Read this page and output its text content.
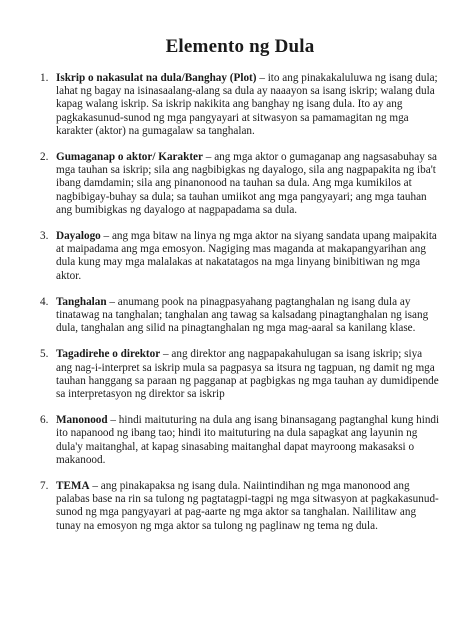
Elemento ng Dula
1. Iskrip o nakasulat na dula/Banghay (Plot) – ito ang pinakakaluluwa ng isang dula; lahat ng bagay na isinasaalang-alang sa dula ay naaayon sa isang iskrip; walang dula kapag walang iskrip. Sa iskrip nakikita ang banghay ng isang dula. Ito ay ang pagkakasunud-sunod ng mga pangyayari at sitwasyon sa pamamagitan ng mga karakter (aktor) na gumagalaw sa tanghalan.
2. Gumaganap o aktor/ Karakter – ang mga aktor o gumaganap ang nagsasabuhay sa mga tauhan sa iskrip; sila ang nagbibigkas ng dayalogo, sila ang nagpapakita ng iba't ibang damdamin; sila ang pinanonood na tauhan sa dula. Ang mga kumikilos at nagbibigay-buhay sa dula; sa tauhan umiikot ang mga pangyayari; ang mga tauhan ang bumibigkas ng dayalogo at nagpapadama sa dula.
3. Dayalogo – ang mga bitaw na linya ng mga aktor na siyang sandata upang maipakita at maipadama ang mga emosyon. Nagiging mas maganda at makapangyarihan ang dula kung may mga malalakas at nakatatagos na mga linyang binibitiwan ng mga aktor.
4. Tanghalan – anumang pook na pinagpasyahang pagtanghalan ng isang dula ay tinatawag na tanghalan; tanghalan ang tawag sa kalsadang pinagtanghalan ng isang dula, tanghalan ang silid na pinagtanghalan ng mga mag-aaral sa kanilang klase.
5. Tagadirehe o direktor – ang direktor ang nagpapakahulugan sa isang iskrip; siya ang nag-i-interpret sa iskrip mula sa pagpasya sa itsura ng tagpuan, ng damit ng mga tauhan hanggang sa paraan ng pagganap at pagbigkas ng mga tauhan ay dumidipende sa interpretasyon ng direktor sa iskrip
6. Manonood – hindi maituturing na dula ang isang binansagang pagtanghal kung hindi ito napanood ng ibang tao; hindi ito maituturing na dula sapagkat ang layunin ng dula'y maitanghal, at kapag sinasabing maitanghal dapat mayroong makasaksi o makanood.
7. TEMA – ang pinakapaksa ng isang dula. Naiintindihan ng mga manonood ang palabas base na rin sa tulong ng pagtatagpi-tagpi ng mga sitwasyon at pagkakasunud-sunod ng mga pangyayari at pag-aarte ng mga aktor sa tanghalan. Naililitaw ang tunay na emosyon ng mga aktor sa tulong ng paglinaw ng tema ng dula.
